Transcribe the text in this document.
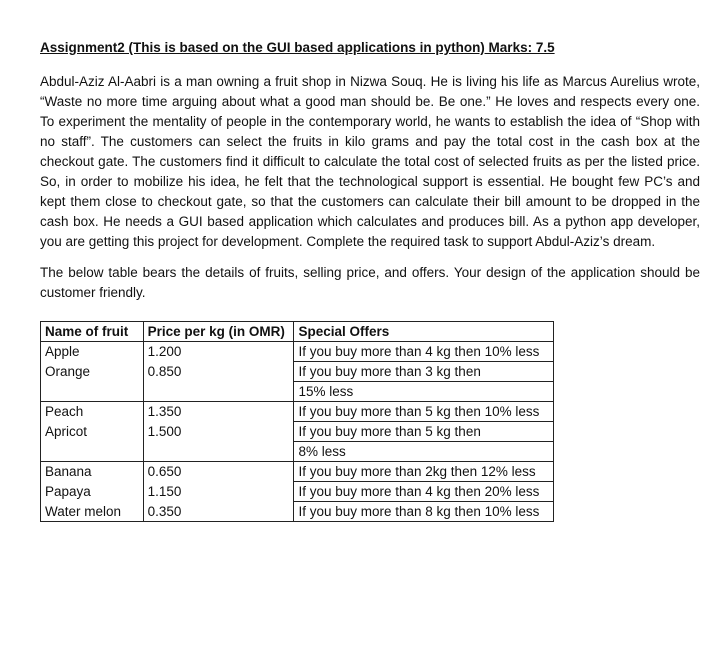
Assignment2 (This is based on the GUI based applications in python) Marks: 7.5

Abdul-Aziz Al-Aabri is a man owning a fruit shop in Nizwa Souq. He is living his life as Marcus Aurelius wrote, “Waste no more time arguing about what a good man should be. Be one.” He loves and respects every one. To experiment the mentality of people in the contemporary world, he wants to establish the idea of “Shop with no staff”. The customers can select the fruits in kilo grams and pay the total cost in the cash box at the checkout gate. The customers find it difficult to calculate the total cost of selected fruits as per the listed price. So, in order to mobilize his idea, he felt that the technological support is essential. He bought few PC’s and kept them close to checkout gate, so that the customers can calculate their bill amount to be dropped in the cash box. He needs a GUI based application which calculates and produces bill. As a python app developer, you are getting this project for development. Complete the required task to support Abdul-Aziz’s dream.

The below table bears the details of fruits, selling price, and offers. Your design of the application should be customer friendly.

Name of fruit	Price per kg (in OMR)	Special Offers
Apple	1.200	If you buy more than 4 kg then 10% less
Orange	0.850	If you buy more than 3 kg then
		15% less
Peach	1.350	If you buy more than 5 kg then 10% less
Apricot	1.500	If you buy more than 5 kg then
		8% less
Banana	0.650	If you buy more than 2kg then 12% less
Papaya	1.150	If you buy more than 4 kg then 20% less
Water melon	0.350	If you buy more than 8 kg then 10% less
